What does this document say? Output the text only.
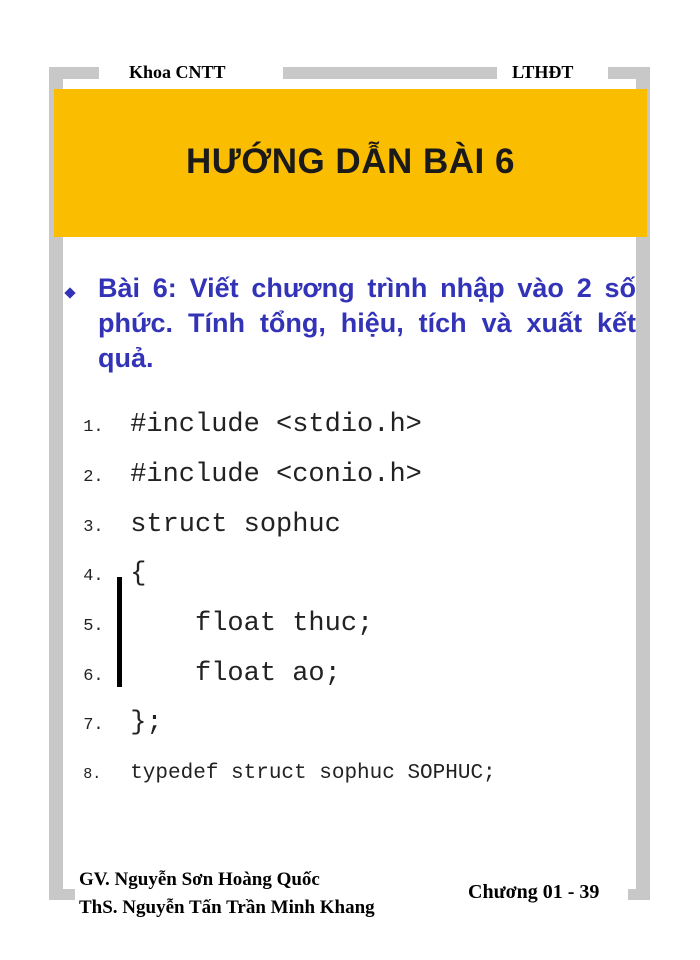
Khoa CNTT	LTHĐT
HƯỚNG DẪN BÀI 6
Bài 6: Viết chương trình nhập vào 2 số phức. Tính tổng, hiệu, tích và xuất kết quả.

1. #include <stdio.h>

2. #include <conio.h>

3. struct sophuc

4. {

5.    float thuc;

6.    float ao;

7. };

8. typedef struct sophuc SOPHUC;

GV. Nguyễn Sơn Hoàng Quốc
ThS. Nguyễn Tấn Trần Minh Khang
Chương 01 - 39
